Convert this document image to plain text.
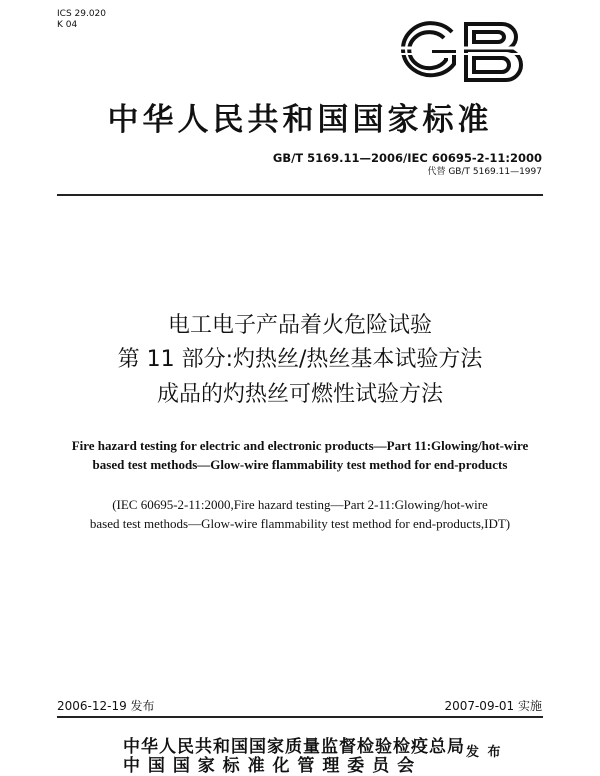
ICS 29.020
K 04
中华人民共和国国家标准
GB/T 5169.11—2006/IEC 60695-2-11:2000
代替 GB/T 5169.11—1997
电工电子产品着火危险试验
第 11 部分:灼热丝/热丝基本试验方法
成品的灼热丝可燃性试验方法
Fire hazard testing for electric and electronic products—Part 11:Glowing/hot-wire
based test methods—Glow-wire flammability test method for end-products
(IEC 60695-2-11:2000,Fire hazard testing—Part 2-11:Glowing/hot-wire
based test methods—Glow-wire flammability test method for end-products,IDT)
2006-12-19 发布	2007-09-01 实施
中华人民共和国国家质量监督检验检疫总局
中 国 国 家 标 准 化 管 理 委 员 会
发 布
